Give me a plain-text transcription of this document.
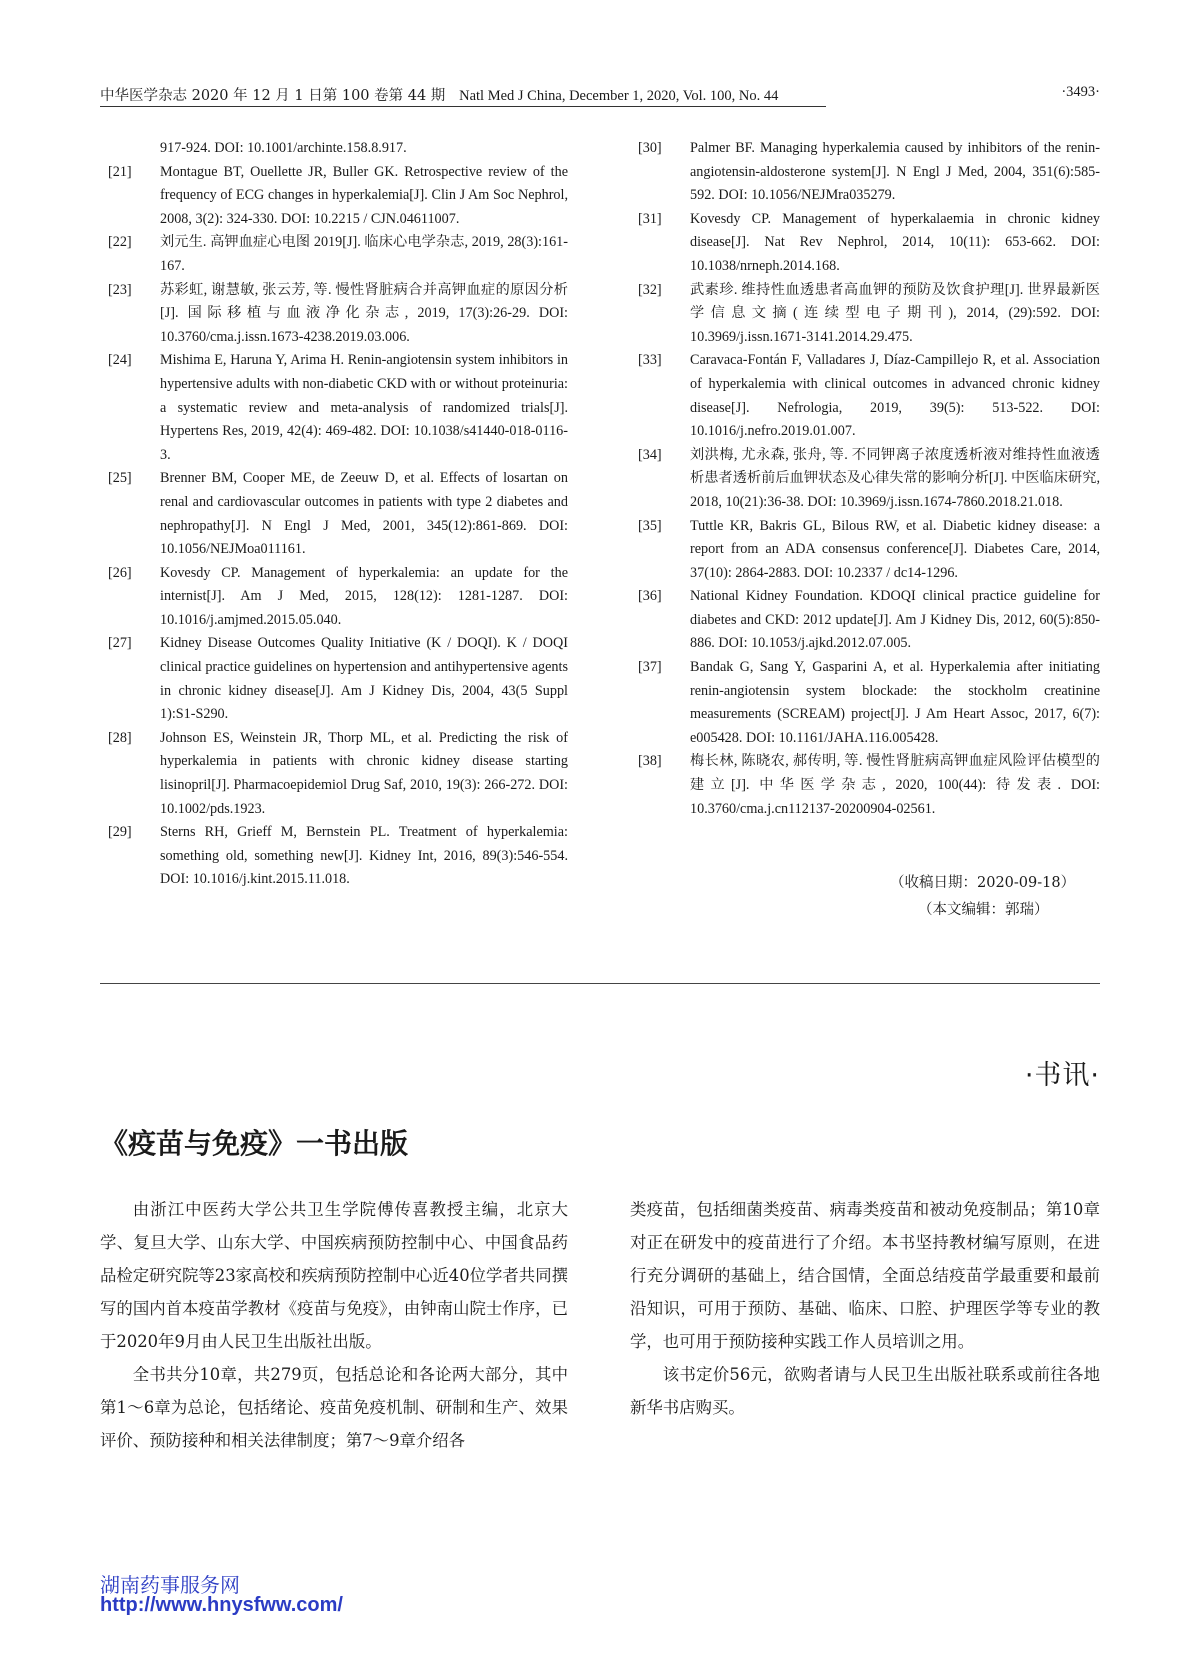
中华医学杂志 2020 年 12 月 1 日第 100 卷第 44 期 Natl Med J China, December 1, 2020, Vol. 100, No. 44	·3493·
917-924. DOI: 10.1001/archinte.158.8.917.
[21] Montague BT, Ouellette JR, Buller GK. Retrospective review of the frequency of ECG changes in hyperkalemia[J]. Clin J Am Soc Nephrol, 2008, 3(2): 324-330. DOI: 10.2215 / CJN.04611007.
[22] 刘元生. 高钾血症心电图 2019[J]. 临床心电学杂志, 2019, 28(3):161-167.
[23] 苏彩虹, 谢慧敏, 张云芳, 等. 慢性肾脏病合并高钾血症的原因分析[J]. 国际移植与血液净化杂志, 2019, 17(3):26-29. DOI: 10.3760/cma.j.issn.1673-4238.2019.03.006.
[24] Mishima E, Haruna Y, Arima H. Renin-angiotensin system inhibitors in hypertensive adults with non-diabetic CKD with or without proteinuria: a systematic review and meta-analysis of randomized trials[J]. Hypertens Res, 2019, 42(4): 469-482. DOI: 10.1038/s41440-018-0116-3.
[25] Brenner BM, Cooper ME, de Zeeuw D, et al. Effects of losartan on renal and cardiovascular outcomes in patients with type 2 diabetes and nephropathy[J]. N Engl J Med, 2001, 345(12):861-869. DOI: 10.1056/NEJMoa011161.
[26] Kovesdy CP. Management of hyperkalemia: an update for the internist[J]. Am J Med, 2015, 128(12): 1281-1287. DOI: 10.1016/j.amjmed.2015.05.040.
[27] Kidney Disease Outcomes Quality Initiative (K / DOQI). K / DOQI clinical practice guidelines on hypertension and antihypertensive agents in chronic kidney disease[J]. Am J Kidney Dis, 2004, 43(5 Suppl 1):S1-S290.
[28] Johnson ES, Weinstein JR, Thorp ML, et al. Predicting the risk of hyperkalemia in patients with chronic kidney disease starting lisinopril[J]. Pharmacoepidemiol Drug Saf, 2010, 19(3): 266-272. DOI: 10.1002/pds.1923.
[29] Sterns RH, Grieff M, Bernstein PL. Treatment of hyperkalemia: something old, something new[J]. Kidney Int, 2016, 89(3):546-554. DOI: 10.1016/j.kint.2015.11.018.
[30] Palmer BF. Managing hyperkalemia caused by inhibitors of the renin-angiotensin-aldosterone system[J]. N Engl J Med, 2004, 351(6):585-592. DOI: 10.1056/NEJMra035279.
[31] Kovesdy CP. Management of hyperkalaemia in chronic kidney disease[J]. Nat Rev Nephrol, 2014, 10(11): 653-662. DOI: 10.1038/nrneph.2014.168.
[32] 武素珍. 维持性血透患者高血钾的预防及饮食护理[J]. 世界最新医学信息文摘(连续型电子期刊), 2014, (29):592. DOI: 10.3969/j.issn.1671-3141.2014.29.475.
[33] Caravaca-Fontán F, Valladares J, Díaz-Campillejo R, et al. Association of hyperkalemia with clinical outcomes in advanced chronic kidney disease[J]. Nefrologia, 2019, 39(5): 513-522. DOI: 10.1016/j.nefro.2019.01.007.
[34] 刘洪梅, 尤永森, 张舟, 等. 不同钾离子浓度透析液对维持性血液透析患者透析前后血钾状态及心律失常的影响分析[J]. 中医临床研究, 2018, 10(21):36-38. DOI: 10.3969/j.issn.1674-7860.2018.21.018.
[35] Tuttle KR, Bakris GL, Bilous RW, et al. Diabetic kidney disease: a report from an ADA consensus conference[J]. Diabetes Care, 2014, 37(10): 2864-2883. DOI: 10.2337 / dc14-1296.
[36] National Kidney Foundation. KDOQI clinical practice guideline for diabetes and CKD: 2012 update[J]. Am J Kidney Dis, 2012, 60(5):850-886. DOI: 10.1053/j.ajkd.2012.07.005.
[37] Bandak G, Sang Y, Gasparini A, et al. Hyperkalemia after initiating renin-angiotensin system blockade: the stockholm creatinine measurements (SCREAM) project[J]. J Am Heart Assoc, 2017, 6(7): e005428. DOI: 10.1161/JAHA.116.005428.
[38] 梅长林, 陈晓农, 郝传明, 等. 慢性肾脏病高钾血症风险评估模型的建立[J]. 中华医学杂志, 2020, 100(44): 待发表. DOI: 10.3760/cma.j.cn112137-20200904-02561.
（收稿日期：2020-09-18）
（本文编辑：郭瑞）
·书讯·
《疫苗与免疫》一书出版

由浙江中医药大学公共卫生学院傅传喜教授主编，北京大学、复旦大学、山东大学、中国疾病预防控制中心、中国食品药品检定研究院等23家高校和疾病预防控制中心近40位学者共同撰写的国内首本疫苗学教材《疫苗与免疫》，由钟南山院士作序，已于2020年9月由人民卫生出版社出版。

全书共分10章，共279页，包括总论和各论两大部分，其中第1～6章为总论，包括绪论、疫苗免疫机制、研制和生产、效果评价、预防接种和相关法律制度；第7～9章介绍各

类疫苗，包括细菌类疫苗、病毒类疫苗和被动免疫制品；第10章对正在研发中的疫苗进行了介绍。本书坚持教材编写原则，在进行充分调研的基础上，结合国情，全面总结疫苗学最重要和最前沿知识，可用于预防、基础、临床、口腔、护理医学等专业的教学，也可用于预防接种实践工作人员培训之用。

该书定价56元，欲购者请与人民卫生出版社联系或前往各地新华书店购买。

湖南药事服务网
http://www.hnysfww.com/
